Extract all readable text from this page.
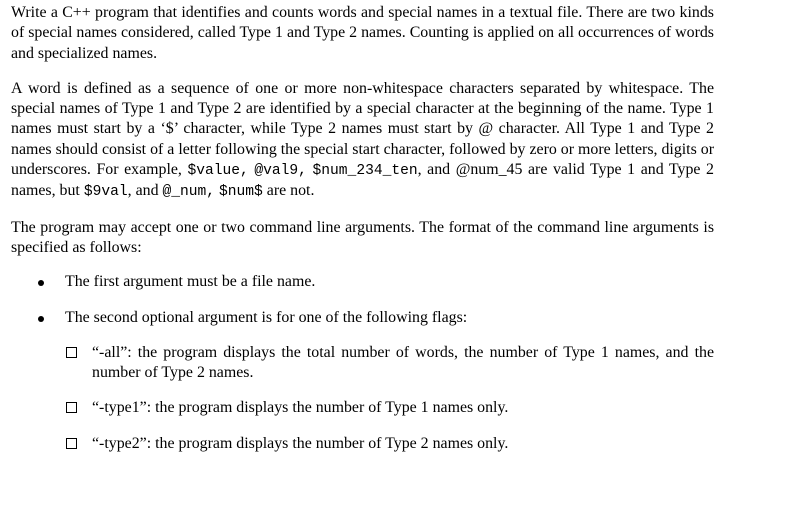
Write a C++ program that identifies and counts words and special names in a textual file. There are two kinds of special names considered, called Type 1 and Type 2 names. Counting is applied on all occurrences of words and specialized names.

A word is defined as a sequence of one or more non-whitespace characters separated by whitespace. The special names of Type 1 and Type 2 are identified by a special character at the beginning of the name. Type 1 names must start by a ‘$’ character, while Type 2 names must start by @ character. All Type 1 and Type 2 names should consist of a letter following the special start character, followed by zero or more letters, digits or underscores. For example, $value, @val9, $num_234_ten, and @num_45 are valid Type 1 and Type 2 names, but $9val, and @_num, $num$ are not.

The program may accept one or two command line arguments. The format of the command line arguments is specified as follows:

The first argument must be a file name.
The second optional argument is for one of the following flags:
“-all”: the program displays the total number of words, the number of Type 1 names, and the number of Type 2 names.
“-type1”: the program displays the number of Type 1 names only.
“-type2”: the program displays the number of Type 2 names only.
